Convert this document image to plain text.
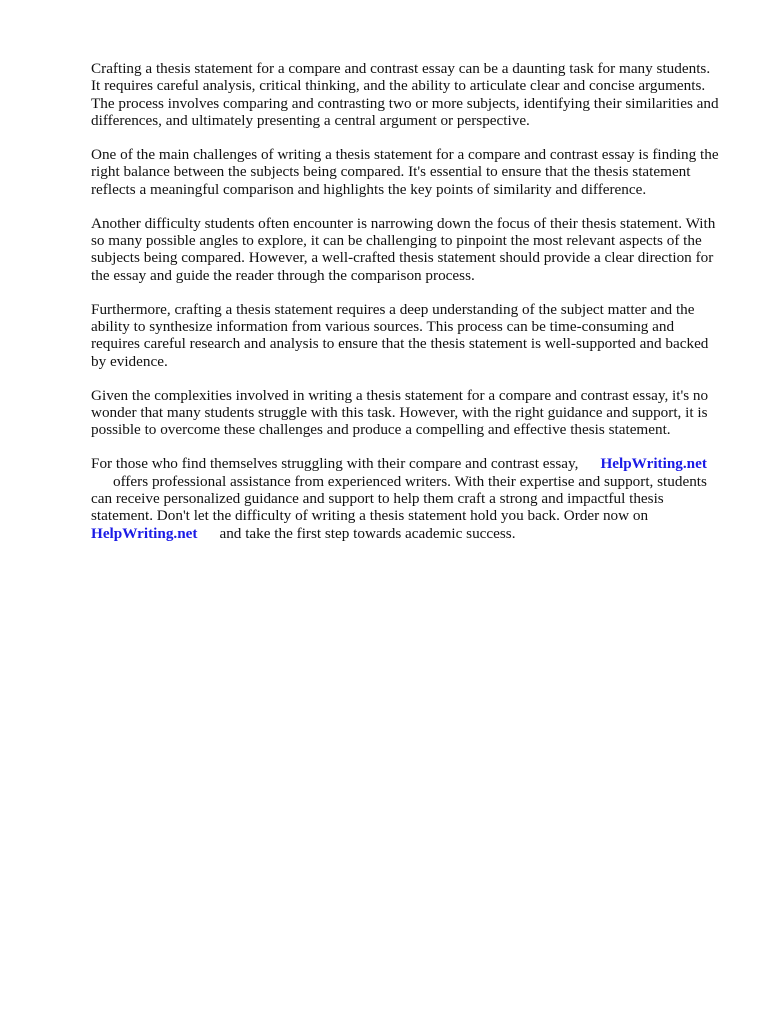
Crafting a thesis statement for a compare and contrast essay can be a daunting task for many students. It requires careful analysis, critical thinking, and the ability to articulate clear and concise arguments. The process involves comparing and contrasting two or more subjects, identifying their similarities and differences, and ultimately presenting a central argument or perspective.

One of the main challenges of writing a thesis statement for a compare and contrast essay is finding the right balance between the subjects being compared. It's essential to ensure that the thesis statement reflects a meaningful comparison and highlights the key points of similarity and difference.

Another difficulty students often encounter is narrowing down the focus of their thesis statement. With so many possible angles to explore, it can be challenging to pinpoint the most relevant aspects of the subjects being compared. However, a well-crafted thesis statement should provide a clear direction for the essay and guide the reader through the comparison process.

Furthermore, crafting a thesis statement requires a deep understanding of the subject matter and the ability to synthesize information from various sources. This process can be time-consuming and requires careful research and analysis to ensure that the thesis statement is well-supported and backed by evidence.

Given the complexities involved in writing a thesis statement for a compare and contrast essay, it's no wonder that many students struggle with this task. However, with the right guidance and support, it is possible to overcome these challenges and produce a compelling and effective thesis statement.

For those who find themselves struggling with their compare and contrast essay, HelpWriting.net
offers professional assistance from experienced writers. With their expertise and support, students can receive personalized guidance and support to help them craft a strong and impactful thesis statement. Don't let the difficulty of writing a thesis statement hold you back. Order now on
HelpWriting.net and take the first step towards academic success.
